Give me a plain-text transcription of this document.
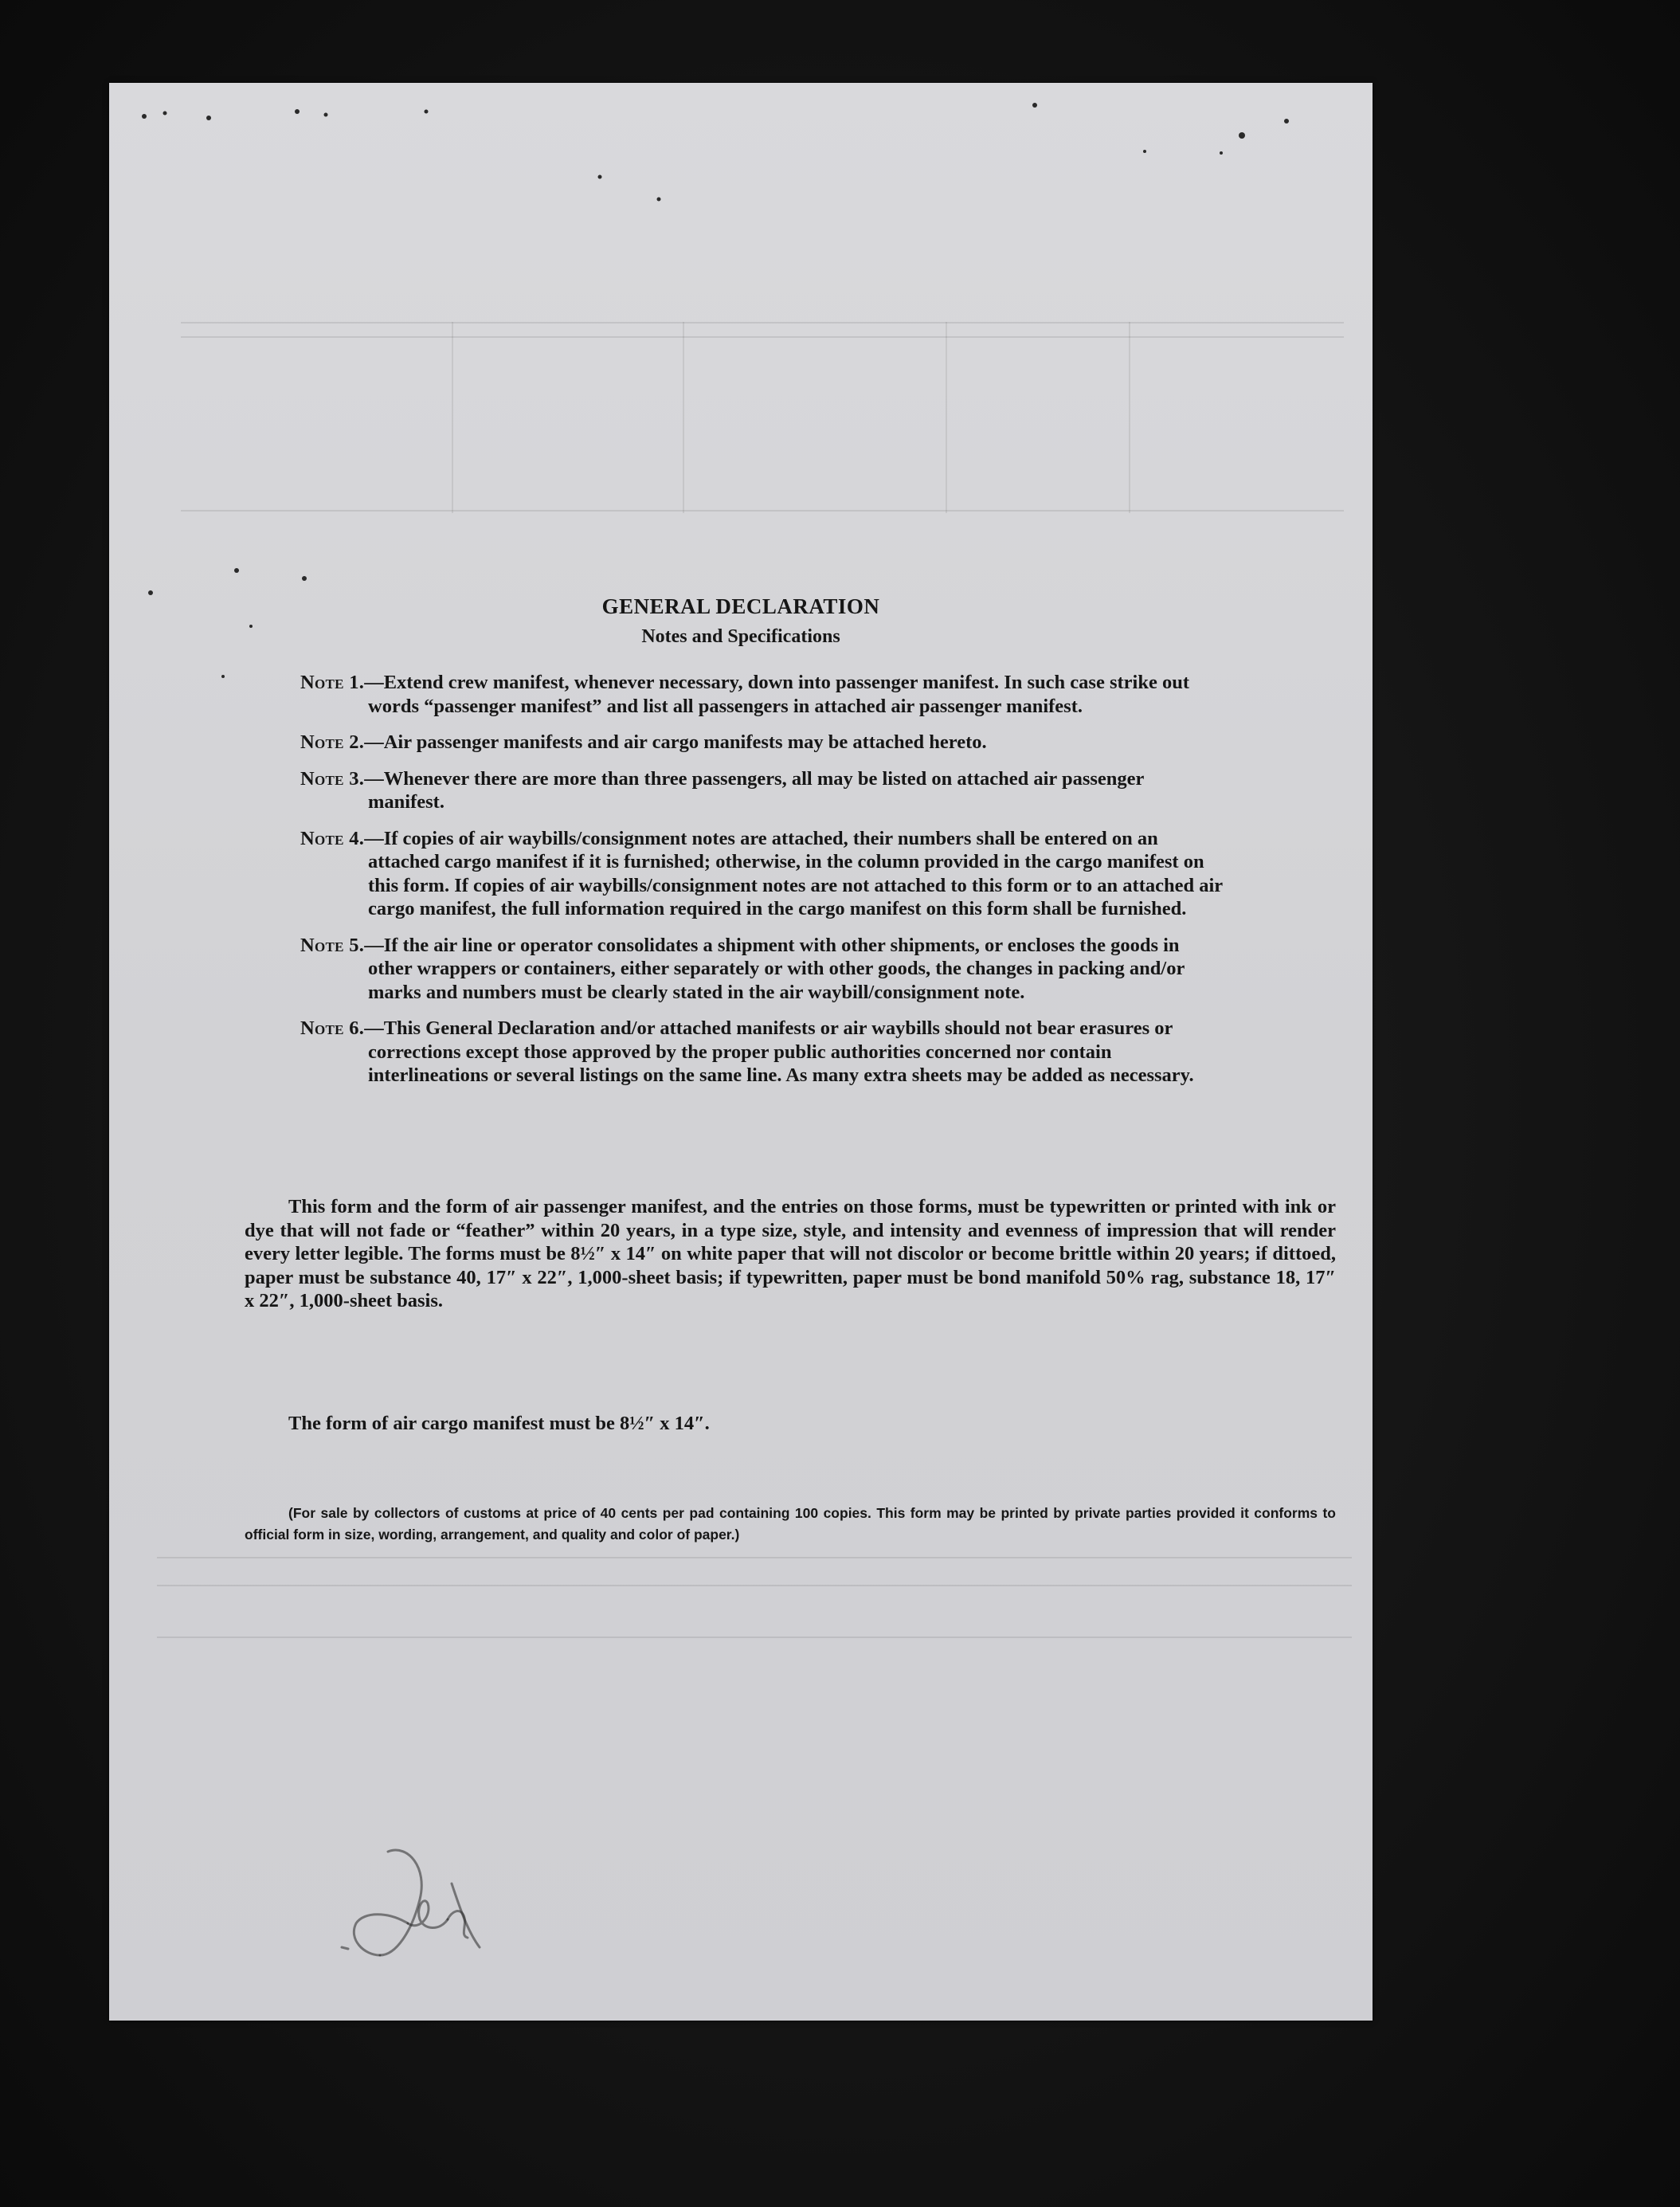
GENERAL DECLARATION
Notes and Specifications
Note 1.—Extend crew manifest, whenever necessary, down into passenger manifest. In such case strike out words “passenger manifest” and list all passengers in attached air passenger manifest.
Note 2.—Air passenger manifests and air cargo manifests may be attached hereto.
Note 3.—Whenever there are more than three passengers, all may be listed on attached air passenger manifest.
Note 4.—If copies of air waybills/consignment notes are attached, their numbers shall be entered on an attached cargo manifest if it is furnished; otherwise, in the column provided in the cargo manifest on this form. If copies of air waybills/consignment notes are not attached to this form or to an attached air cargo manifest, the full information required in the cargo manifest on this form shall be furnished.
Note 5.—If the air line or operator consolidates a shipment with other shipments, or encloses the goods in other wrappers or containers, either separately or with other goods, the changes in packing and/or marks and numbers must be clearly stated in the air waybill/consignment note.
Note 6.—This General Declaration and/or attached manifests or air waybills should not bear erasures or corrections except those approved by the proper public authorities concerned nor contain interlineations or several listings on the same line. As many extra sheets may be added as necessary.

This form and the form of air passenger manifest, and the entries on those forms, must be typewritten or printed with ink or dye that will not fade or “feather” within 20 years, in a type size, style, and intensity and evenness of impression that will render every letter legible. The forms must be 8½″ x 14″ on white paper that will not discolor or become brittle within 20 years; if dittoed, paper must be substance 40, 17″ x 22″, 1,000-sheet basis; if typewritten, paper must be bond manifold 50% rag, substance 18, 17″ x 22″, 1,000-sheet basis.

The form of air cargo manifest must be 8½″ x 14″.

(For sale by collectors of customs at price of 40 cents per pad containing 100 copies. This form may be printed by private parties provided it conforms to official form in size, wording, arrangement, and quality and color of paper.)
